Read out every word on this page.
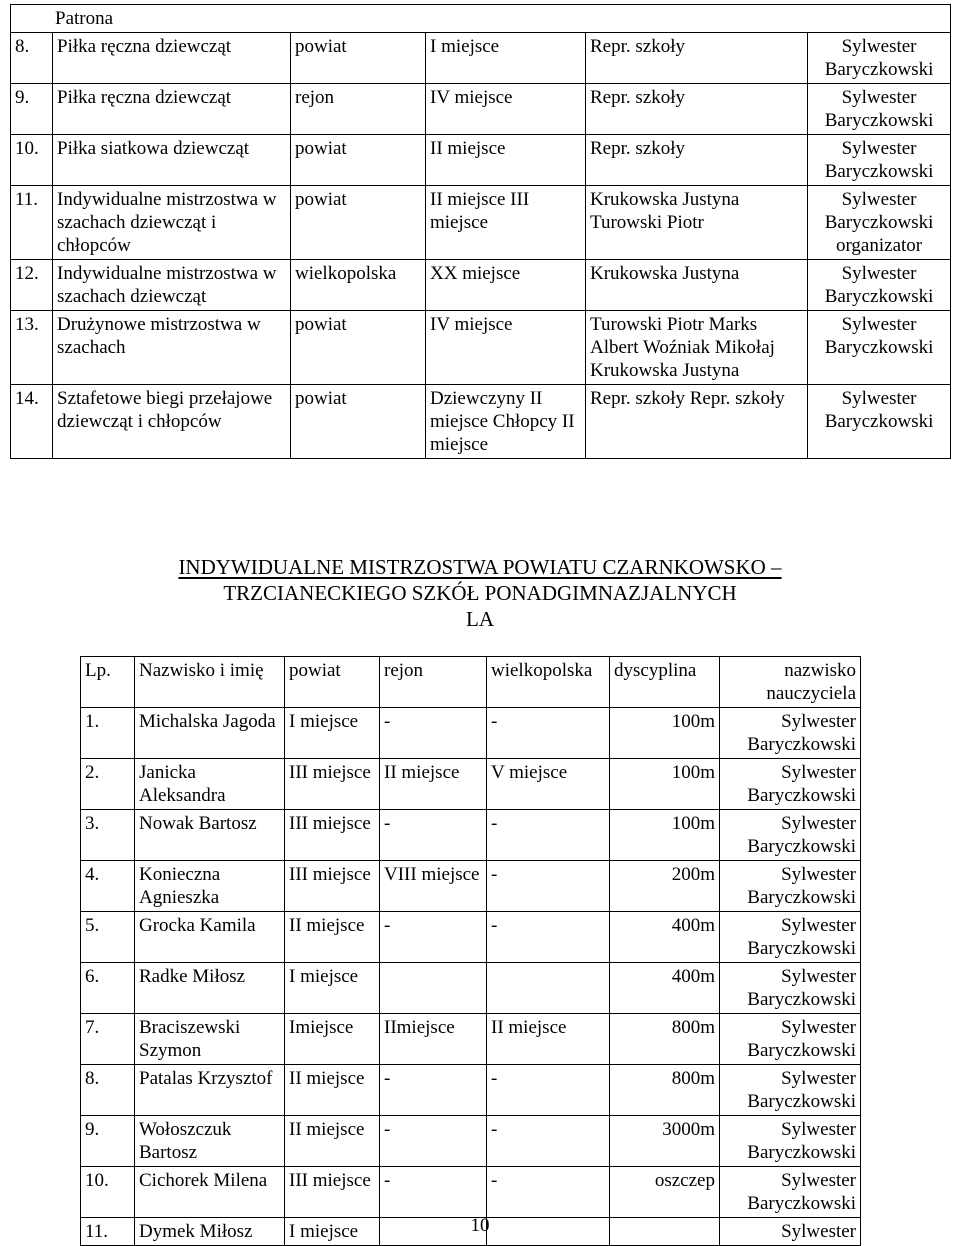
Patrona					
8.	Piłka ręczna dziewcząt	powiat	I miejsce	Repr. szkoły	Sylwester Baryczkowski
9.	Piłka ręczna dziewcząt	rejon	IV miejsce	Repr. szkoły	Sylwester Baryczkowski
10.	Piłka siatkowa dziewcząt	powiat	II miejsce	Repr. szkoły	Sylwester Baryczkowski
11.	Indywidualne mistrzostwa w szachach dziewcząt i chłopców	powiat	II miejsce III miejsce	Krukowska Justyna Turowski Piotr	Sylwester Baryczkowski organizator
12.	Indywidualne mistrzostwa w szachach dziewcząt	wielkopolska	XX miejsce	Krukowska Justyna	Sylwester Baryczkowski
13.	Drużynowe mistrzostwa w szachach	powiat	IV miejsce	Turowski Piotr Marks Albert Woźniak Mikołaj Krukowska Justyna	Sylwester Baryczkowski
14.	Sztafetowe biegi przełajowe dziewcząt i chłopców	powiat	Dziewczyny II miejsce Chłopcy II miejsce	Repr. szkoły Repr. szkoły	Sylwester Baryczkowski
INDYWIDUALNE MISTRZOSTWA POWIATU CZARNKOWSKO –
TRZCIANECKIEGO SZKÓŁ PONADGIMNAZJALNYCH
LA
Lp.	Nazwisko i imię	powiat	rejon	wielkopolska	dyscyplina	nazwisko nauczyciela
1.	Michalska Jagoda	I miejsce	-	-	100m	Sylwester Baryczkowski
2.	Janicka Aleksandra	III miejsce	II miejsce	V miejsce	100m	Sylwester Baryczkowski
3.	Nowak Bartosz	III miejsce	-	-	100m	Sylwester Baryczkowski
4.	Konieczna Agnieszka	III miejsce	VIII miejsce	-	200m	Sylwester Baryczkowski
5.	Grocka Kamila	II miejsce	-	-	400m	Sylwester Baryczkowski
6.	Radke Miłosz	I miejsce			400m	Sylwester Baryczkowski
7.	Braciszewski Szymon	Imiejsce	IImiejsce	II miejsce	800m	Sylwester Baryczkowski
8.	Patalas Krzysztof	II miejsce	-	-	800m	Sylwester Baryczkowski
9.	Wołoszczuk Bartosz	II miejsce	-	-	3000m	Sylwester Baryczkowski
10.	Cichorek Milena	III miejsce	-	-	oszczep	Sylwester Baryczkowski
11.	Dymek Miłosz	I miejsce				Sylwester
10
